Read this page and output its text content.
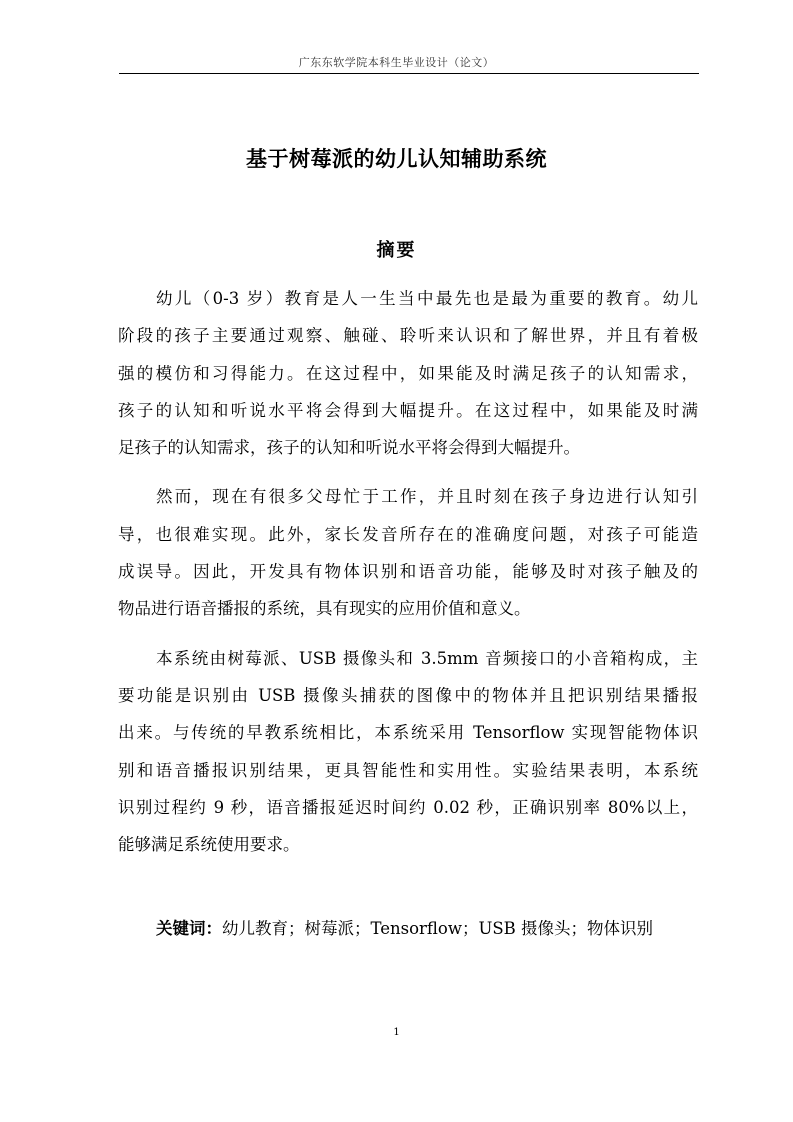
广东东软学院本科生毕业设计（论文）
基于树莓派的幼儿认知辅助系统
摘要
幼儿（0-3 岁）教育是人一生当中最先也是最为重要的教育。幼儿
阶段的孩子主要通过观察、触碰、聆听来认识和了解世界，并且有着极
强的模仿和习得能力。在这过程中，如果能及时满足孩子的认知需求，
孩子的认知和听说水平将会得到大幅提升。在这过程中，如果能及时满
足孩子的认知需求，孩子的认知和听说水平将会得到大幅提升。
然而，现在有很多父母忙于工作，并且时刻在孩子身边进行认知引
导，也很难实现。此外，家长发音所存在的准确度问题，对孩子可能造
成误导。因此，开发具有物体识别和语音功能，能够及时对孩子触及的
物品进行语音播报的系统，具有现实的应用价值和意义。
本系统由树莓派、USB 摄像头和 3.5mm 音频接口的小音箱构成，主
要功能是识别由 USB 摄像头捕获的图像中的物体并且把识别结果播报
出来。与传统的早教系统相比，本系统采用 Tensorflow 实现智能物体识
别和语音播报识别结果，更具智能性和实用性。实验结果表明，本系统
识别过程约 9 秒，语音播报延迟时间约 0.02 秒，正确识别率 80%以上，
能够满足系统使用要求。
关键词：幼儿教育；树莓派；Tensorflow；USB 摄像头；物体识别
1
